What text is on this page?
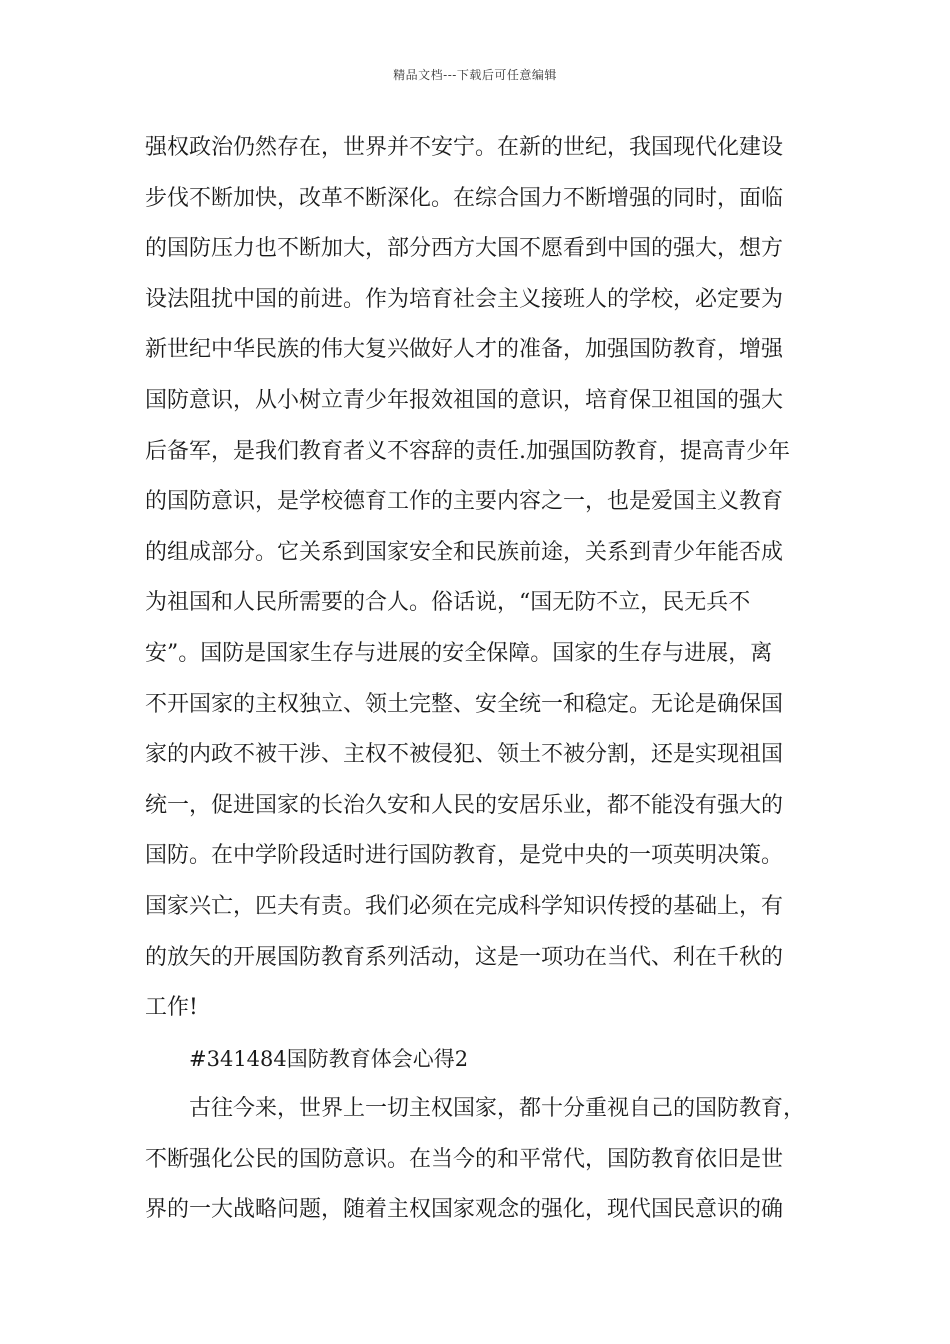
精品文档---下载后可任意编辑
强权政治仍然存在，世界并不安宁。在新的世纪，我国现代化建设
步伐不断加快，改革不断深化。在综合国力不断增强的同时，面临
的国防压力也不断加大，部分西方大国不愿看到中国的强大，想方
设法阻扰中国的前进。作为培育社会主义接班人的学校，必定要为
新世纪中华民族的伟大复兴做好人才的准备，加强国防教育，增强
国防意识，从小树立青少年报效祖国的意识，培育保卫祖国的强大
后备军，是我们教育者义不容辞的责任.加强国防教育，提高青少年
的国防意识，是学校德育工作的主要内容之一，也是爱国主义教育
的组成部分。它关系到国家安全和民族前途，关系到青少年能否成
为祖国和人民所需要的合人。俗话说，“国无防不立，民无兵不
安”。国防是国家生存与进展的安全保障。国家的生存与进展，离
不开国家的主权独立、领土完整、安全统一和稳定。无论是确保国
家的内政不被干涉、主权不被侵犯、领土不被分割，还是实现祖国
统一，促进国家的长治久安和人民的安居乐业，都不能没有强大的
国防。在中学阶段适时进行国防教育，是党中央的一项英明决策。
国家兴亡，匹夫有责。我们必须在完成科学知识传授的基础上，有
的放矢的开展国防教育系列活动，这是一项功在当代、利在千秋的
工作!
#341484国防教育体会心得2
古往今来，世界上一切主权国家，都十分重视自己的国防教育，
不断强化公民的国防意识。在当今的和平常代，国防教育依旧是世
界的一大战略问题，随着主权国家观念的强化，现代国民意识的确
